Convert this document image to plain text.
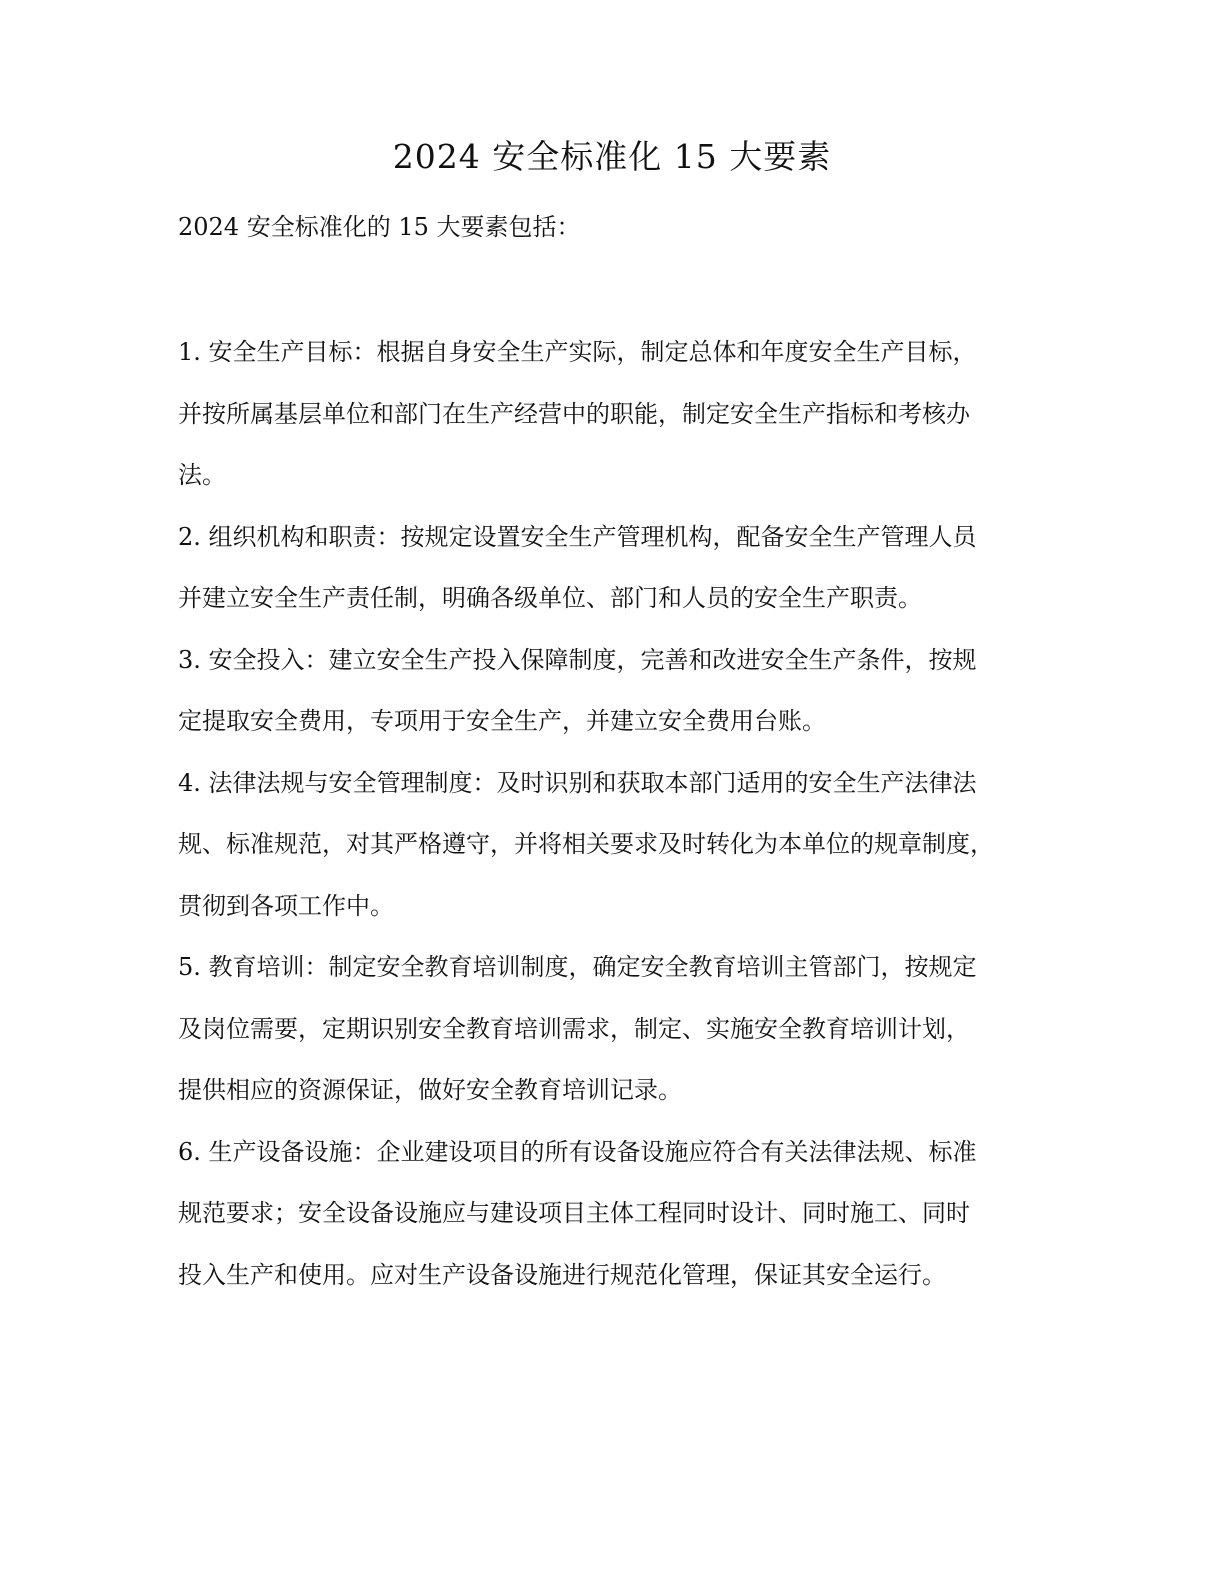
2024 安全标准化 15 大要素

2024 安全标准化的 15 大要素包括：

1. 安全生产目标：根据自身安全生产实际，制定总体和年度安全生产目标，
并按所属基层单位和部门在生产经营中的职能，制定安全生产指标和考核办
法。
2. 组织机构和职责：按规定设置安全生产管理机构，配备安全生产管理人员
并建立安全生产责任制，明确各级单位、部门和人员的安全生产职责。
3. 安全投入：建立安全生产投入保障制度，完善和改进安全生产条件，按规
定提取安全费用，专项用于安全生产，并建立安全费用台账。
4. 法律法规与安全管理制度：及时识别和获取本部门适用的安全生产法律法
规、标准规范，对其严格遵守，并将相关要求及时转化为本单位的规章制度，
贯彻到各项工作中。
5. 教育培训：制定安全教育培训制度，确定安全教育培训主管部门，按规定
及岗位需要，定期识别安全教育培训需求，制定、实施安全教育培训计划，
提供相应的资源保证，做好安全教育培训记录。
6. 生产设备设施：企业建设项目的所有设备设施应符合有关法律法规、标准
规范要求；安全设备设施应与建设项目主体工程同时设计、同时施工、同时
投入生产和使用。应对生产设备设施进行规范化管理，保证其安全运行。
